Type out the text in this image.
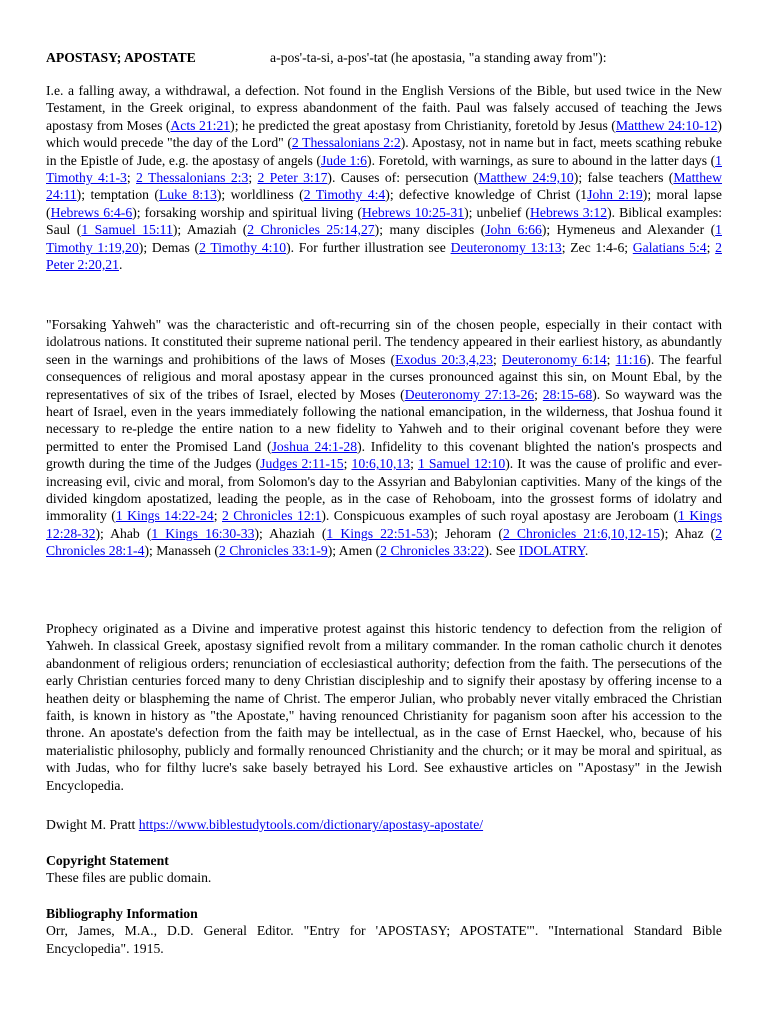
APOSTASY; APOSTATE	a-pos'-ta-si, a-pos'-tat (he apostasia, "a standing away from"):

I.e. a falling away, a withdrawal, a defection. Not found in the English Versions of the Bible, but used twice in the New Testament, in the Greek original, to express abandonment of the faith. Paul was falsely accused of teaching the Jews apostasy from Moses (Acts 21:21); he predicted the great apostasy from Christianity, foretold by Jesus (Matthew 24:10-12) which would precede "the day of the Lord" (2 Thessalonians 2:2). Apostasy, not in name but in fact, meets scathing rebuke in the Epistle of Jude, e.g. the apostasy of angels (Jude 1:6). Foretold, with warnings, as sure to abound in the latter days (1 Timothy 4:1-3; 2 Thessalonians 2:3; 2 Peter 3:17). Causes of: persecution (Matthew 24:9,10); false teachers (Matthew 24:11); temptation (Luke 8:13); worldliness (2 Timothy 4:4); defective knowledge of Christ (1John 2:19); moral lapse (Hebrews 6:4-6); forsaking worship and spiritual living (Hebrews 10:25-31); unbelief (Hebrews 3:12). Biblical examples: Saul (1 Samuel 15:11); Amaziah (2 Chronicles 25:14,27); many disciples (John 6:66); Hymeneus and Alexander (1 Timothy 1:19,20); Demas (2 Timothy 4:10). For further illustration see Deuteronomy 13:13; Zec 1:4-6; Galatians 5:4; 2 Peter 2:20,21.

"Forsaking Yahweh" was the characteristic and oft-recurring sin of the chosen people, especially in their contact with idolatrous nations. It constituted their supreme national peril. The tendency appeared in their earliest history, as abundantly seen in the warnings and prohibitions of the laws of Moses (Exodus 20:3,4,23; Deuteronomy 6:14; 11:16). The fearful consequences of religious and moral apostasy appear in the curses pronounced against this sin, on Mount Ebal, by the representatives of six of the tribes of Israel, elected by Moses (Deuteronomy 27:13-26; 28:15-68). So wayward was the heart of Israel, even in the years immediately following the national emancipation, in the wilderness, that Joshua found it necessary to re-pledge the entire nation to a new fidelity to Yahweh and to their original covenant before they were permitted to enter the Promised Land (Joshua 24:1-28). Infidelity to this covenant blighted the nation's prospects and growth during the time of the Judges (Judges 2:11-15; 10:6,10,13; 1 Samuel 12:10). It was the cause of prolific and ever-increasing evil, civic and moral, from Solomon's day to the Assyrian and Babylonian captivities. Many of the kings of the divided kingdom apostatized, leading the people, as in the case of Rehoboam, into the grossest forms of idolatry and immorality (1 Kings 14:22-24; 2 Chronicles 12:1). Conspicuous examples of such royal apostasy are Jeroboam (1 Kings 12:28-32); Ahab (1 Kings 16:30-33); Ahaziah (1 Kings 22:51-53); Jehoram (2 Chronicles 21:6,10,12-15); Ahaz (2 Chronicles 28:1-4); Manasseh (2 Chronicles 33:1-9); Amen (2 Chronicles 33:22). See IDOLATRY.

Prophecy originated as a Divine and imperative protest against this historic tendency to defection from the religion of Yahweh. In classical Greek, apostasy signified revolt from a military commander. In the roman catholic church it denotes abandonment of religious orders; renunciation of ecclesiastical authority; defection from the faith. The persecutions of the early Christian centuries forced many to deny Christian discipleship and to signify their apostasy by offering incense to a heathen deity or blaspheming the name of Christ. The emperor Julian, who probably never vitally embraced the Christian faith, is known in history as "the Apostate," having renounced Christianity for paganism soon after his accession to the throne. An apostate's defection from the faith may be intellectual, as in the case of Ernst Haeckel, who, because of his materialistic philosophy, publicly and formally renounced Christianity and the church; or it may be moral and spiritual, as with Judas, who for filthy lucre's sake basely betrayed his Lord. See exhaustive articles on "Apostasy" in the Jewish Encyclopedia.

Dwight M. Pratt https://www.biblestudytools.com/dictionary/apostasy-apostate/

Copyright Statement
These files are public domain.

Bibliography Information
Orr, James, M.A., D.D. General Editor. "Entry for 'APOSTASY; APOSTATE'". "International Standard Bible Encyclopedia". 1915.
